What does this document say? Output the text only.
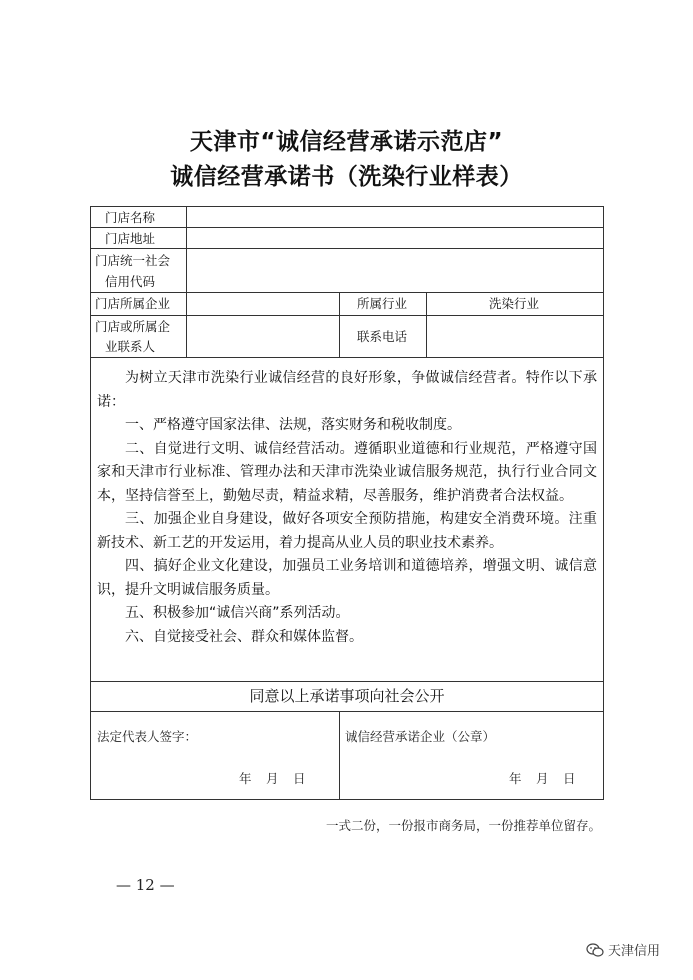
天津市“诚信经营承诺示范店”
诚信经营承诺书（洗染行业样表）
门店名称
门店地址
门店统一社会
信用代码
门店所属企业	所属行业	洗染行业
门店或所属企
业联系人
联系电话

为树立天津市洗染行业诚信经营的良好形象，争做诚信经营者。特作以下承诺：

一、严格遵守国家法律、法规，落实财务和税收制度。

二、自觉进行文明、诚信经营活动。遵循职业道德和行业规范，严格遵守国家和天津市行业标准、管理办法和天津市洗染业诚信服务规范，执行行业合同文本，坚持信誉至上，勤勉尽责，精益求精，尽善服务，维护消费者合法权益。

三、加强企业自身建设，做好各项安全预防措施，构建安全消费环境。注重新技术、新工艺的开发运用，着力提高从业人员的职业技术素养。

四、搞好企业文化建设，加强员工业务培训和道德培养，增强文明、诚信意识，提升文明诚信服务质量。

五、积极参加“诚信兴商”系列活动。

六、自觉接受社会、群众和媒体监督。

同意以上承诺事项向社会公开
法定代表人签字：
年　月　日
诚信经营承诺企业（公章）
年　月　日
一式二份，一份报市商务局，一份推荐单位留存。
— 12 —
天津信用
